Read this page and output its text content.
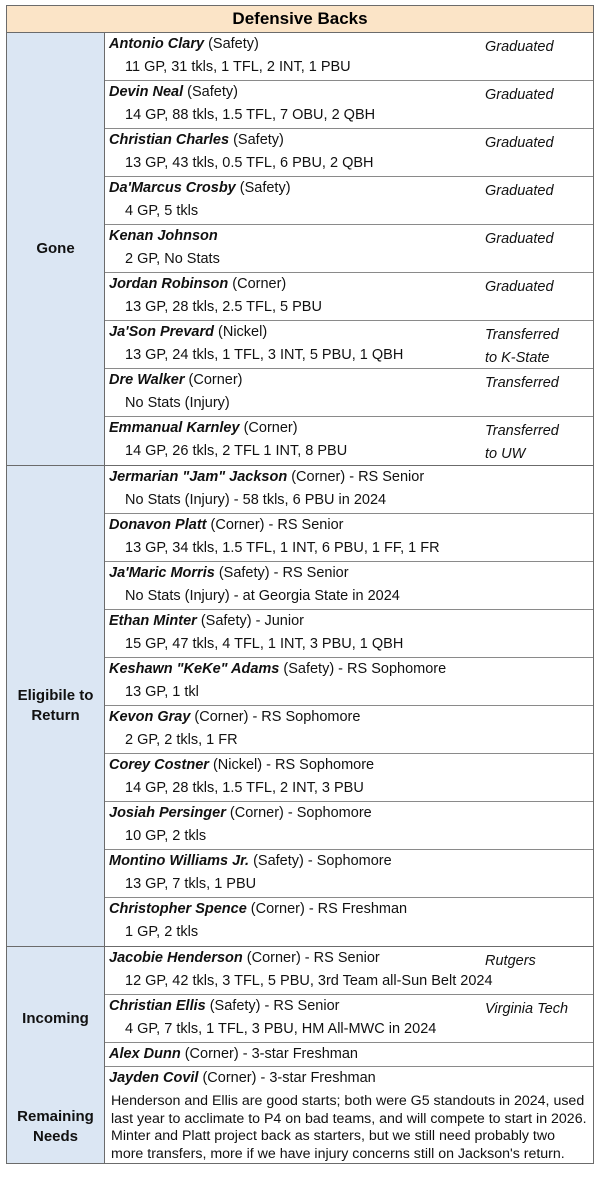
Defensive Backs
Gone
Antonio Clary (Safety)
11 GP, 31 tkls, 1 TFL, 2 INT, 1 PBU
Graduated
Devin Neal (Safety)
14 GP, 88 tkls, 1.5 TFL, 7 OBU, 2 QBH
Graduated
Christian Charles (Safety)
13 GP, 43 tkls, 0.5 TFL, 6 PBU, 2 QBH
Graduated
Da'Marcus Crosby (Safety)
4 GP, 5 tkls
Graduated
Kenan Johnson
2 GP, No Stats
Graduated
Jordan Robinson (Corner)
13 GP, 28 tkls, 2.5 TFL, 5 PBU
Graduated
Ja'Son Prevard (Nickel)
13 GP, 24 tkls, 1 TFL, 3 INT, 5 PBU, 1 QBH
Transferred
to K-State
Dre Walker (Corner)
No Stats (Injury)
Transferred
Emmanual Karnley (Corner)
14 GP, 26 tkls, 2 TFL 1 INT, 8 PBU
Transferred
to UW
Eligibile to Return
Jermarian "Jam" Jackson (Corner) - RS Senior
No Stats (Injury) - 58 tkls, 6 PBU in 2024
Donavon Platt (Corner) - RS Senior
13 GP, 34 tkls, 1.5 TFL, 1 INT, 6 PBU, 1 FF, 1 FR
Ja'Maric Morris (Safety) - RS Senior
No Stats (Injury) - at Georgia State in 2024
Ethan Minter (Safety) - Junior
15 GP, 47 tkls, 4 TFL, 1 INT, 3 PBU, 1 QBH
Keshawn "KeKe" Adams (Safety) - RS Sophomore
13 GP, 1 tkl
Kevon Gray (Corner) - RS Sophomore
2 GP, 2 tkls, 1 FR
Corey Costner (Nickel) - RS Sophomore
14 GP, 28 tkls, 1.5 TFL, 2 INT, 3 PBU
Josiah Persinger (Corner) - Sophomore
10 GP, 2 tkls
Montino Williams Jr. (Safety) - Sophomore
13 GP, 7 tkls, 1 PBU
Christopher Spence (Corner) - RS Freshman
1 GP, 2 tkls
Incoming
Jacobie Henderson (Corner) - RS Senior
12 GP, 42 tkls, 3 TFL, 5 PBU, 3rd Team all-Sun Belt 2024
Rutgers
Christian Ellis (Safety) - RS Senior
4 GP, 7 tkls, 1 TFL, 3 PBU, HM All-MWC in 2024
Virginia Tech
Alex Dunn (Corner) - 3-star Freshman
Jayden Covil (Corner) - 3-star Freshman
Remaining Needs
Henderson and Ellis are good starts; both were G5 standouts in 2024, used last year to acclimate to P4 on bad teams, and will compete to start in 2026. Minter and Platt project back as starters, but we still need probably two more transfers, more if we have injury concerns still on Jackson's return.
